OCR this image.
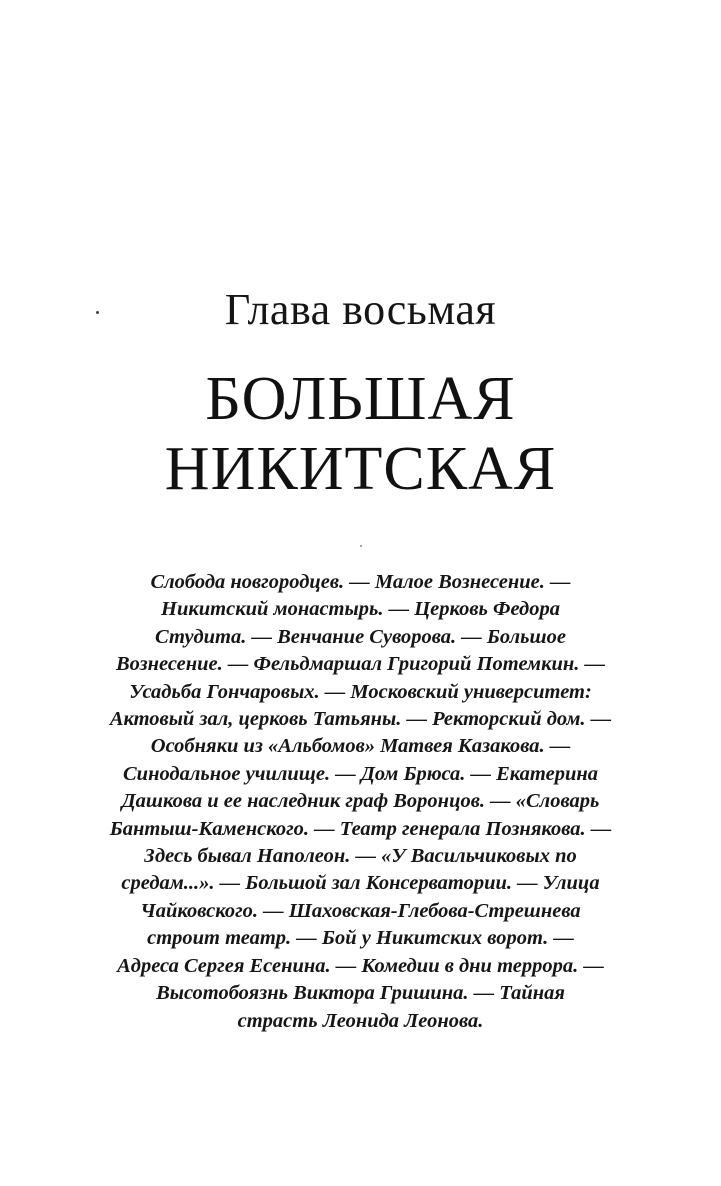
Глава восьмая
БОЛЬШАЯ
НИКИТСКАЯ
Слобода новгородцев. — Малое Вознесение. —
Никитский монастырь. — Церковь Федора
Студита. — Венчание Суворова. — Большое
Вознесение. — Фельдмаршал Григорий Потемкин. —
Усадьба Гончаровых. — Московский университет:
Актовый зал, церковь Татьяны. — Ректорский дом. —
Особняки из «Альбомов» Матвея Казакова. —
Синодальное училище. — Дом Брюса. — Екатерина
Дашкова и ее наследник граф Воронцов. — «Словарь
Бантыш-Каменского. — Театр генерала Познякова. —
Здесь бывал Наполеон. — «У Васильчиковых по
средам...». — Большой зал Консерватории. — Улица
Чайковского. — Шаховская-Глебова-Стрешнева
строит театр. — Бой у Никитских ворот. —
Адреса Сергея Есенина. — Комедии в дни террора. —
Высотобоязнь Виктора Гришина. — Тайная
страсть Леонида Леонова.
